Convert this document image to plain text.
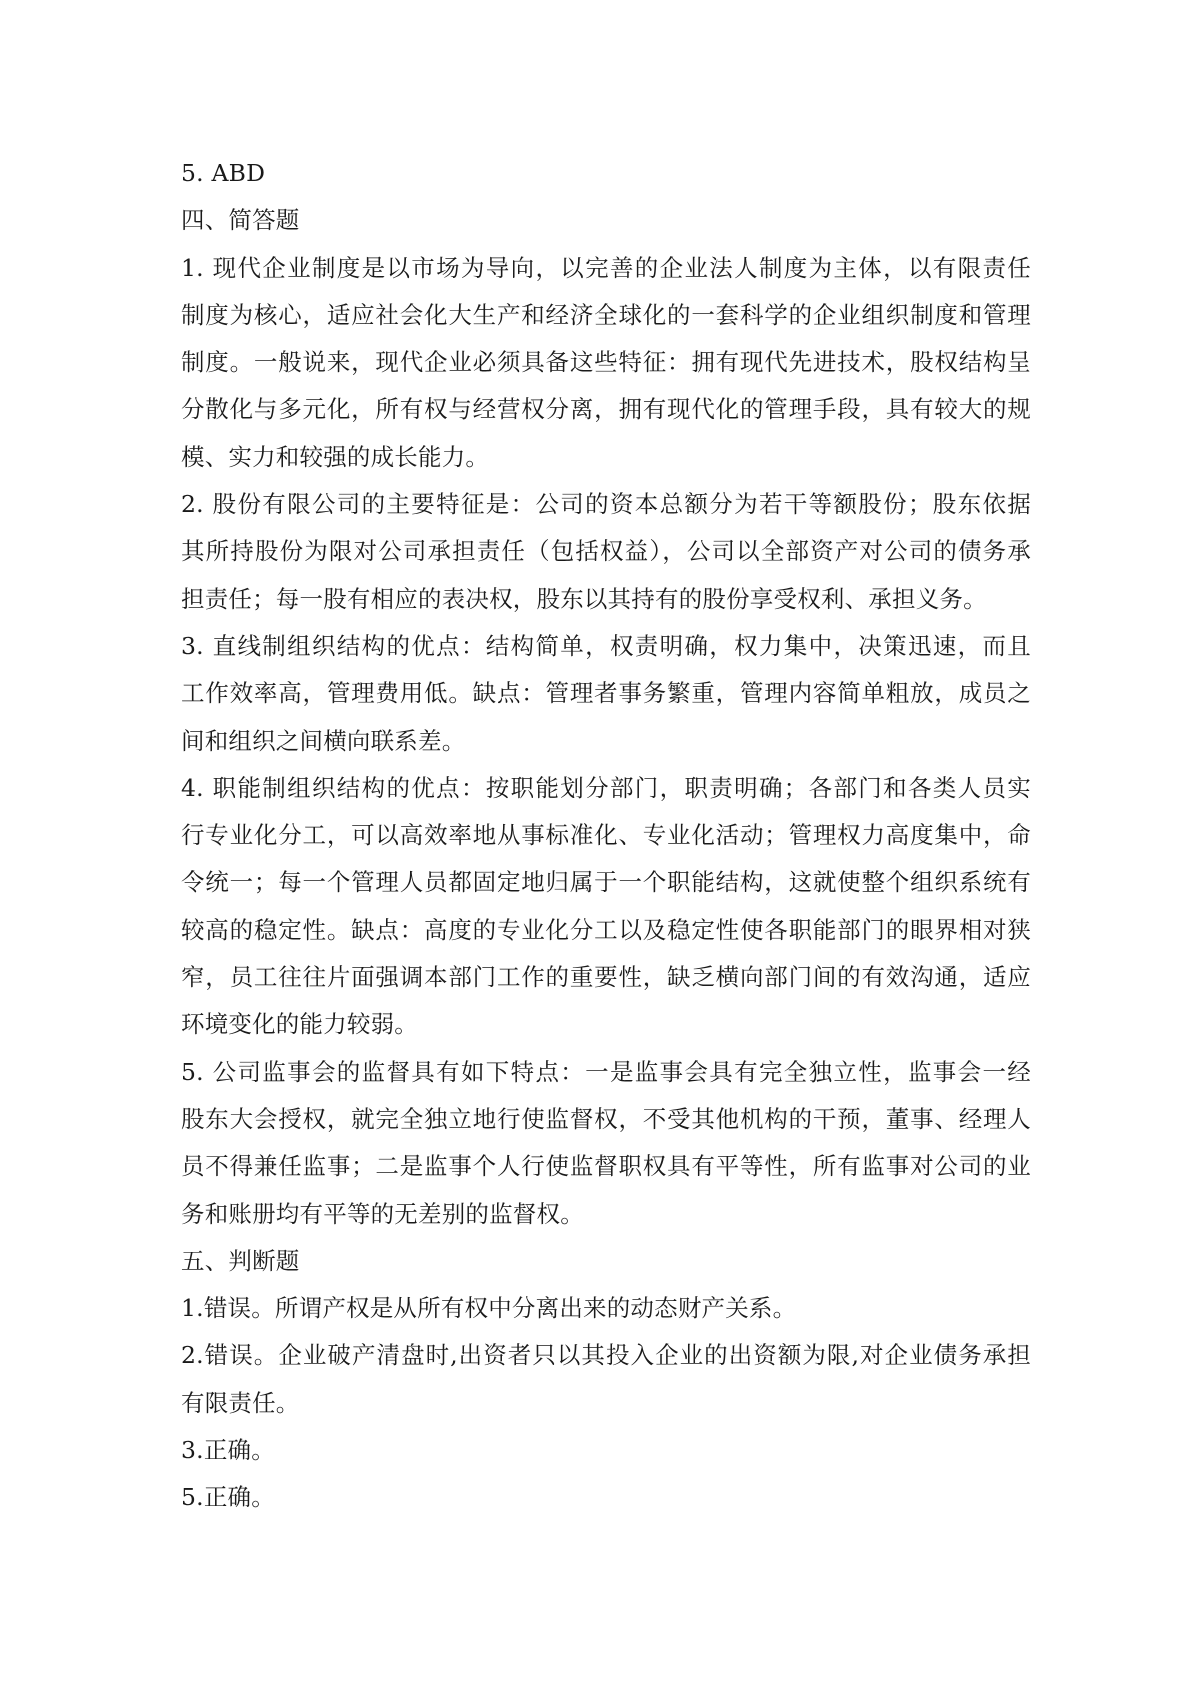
5. ABD
四、简答题
1. 现代企业制度是以市场为导向，以完善的企业法人制度为主体，以有限责任
制度为核心，适应社会化大生产和经济全球化的一套科学的企业组织制度和管理
制度。一般说来，现代企业必须具备这些特征：拥有现代先进技术，股权结构呈
分散化与多元化，所有权与经营权分离，拥有现代化的管理手段，具有较大的规
模、实力和较强的成长能力。
2. 股份有限公司的主要特征是：公司的资本总额分为若干等额股份；股东依据
其所持股份为限对公司承担责任（包括权益），公司以全部资产对公司的债务承
担责任；每一股有相应的表决权，股东以其持有的股份享受权利、承担义务。
3. 直线制组织结构的优点：结构简单，权责明确，权力集中，决策迅速，而且
工作效率高，管理费用低。缺点：管理者事务繁重，管理内容简单粗放，成员之
间和组织之间横向联系差。
4. 职能制组织结构的优点：按职能划分部门，职责明确；各部门和各类人员实
行专业化分工，可以高效率地从事标准化、专业化活动；管理权力高度集中，命
令统一；每一个管理人员都固定地归属于一个职能结构，这就使整个组织系统有
较高的稳定性。缺点：高度的专业化分工以及稳定性使各职能部门的眼界相对狭
窄，员工往往片面强调本部门工作的重要性，缺乏横向部门间的有效沟通，适应
环境变化的能力较弱。
5. 公司监事会的监督具有如下特点：一是监事会具有完全独立性，监事会一经
股东大会授权，就完全独立地行使监督权，不受其他机构的干预，董事、经理人
员不得兼任监事；二是监事个人行使监督职权具有平等性，所有监事对公司的业
务和账册均有平等的无差别的监督权。
五、判断题
1.错误。所谓产权是从所有权中分离出来的动态财产关系。
2.错误。企业破产清盘时,出资者只以其投入企业的出资额为限,对企业债务承担
有限责任。
3.正确。
5.正确。
